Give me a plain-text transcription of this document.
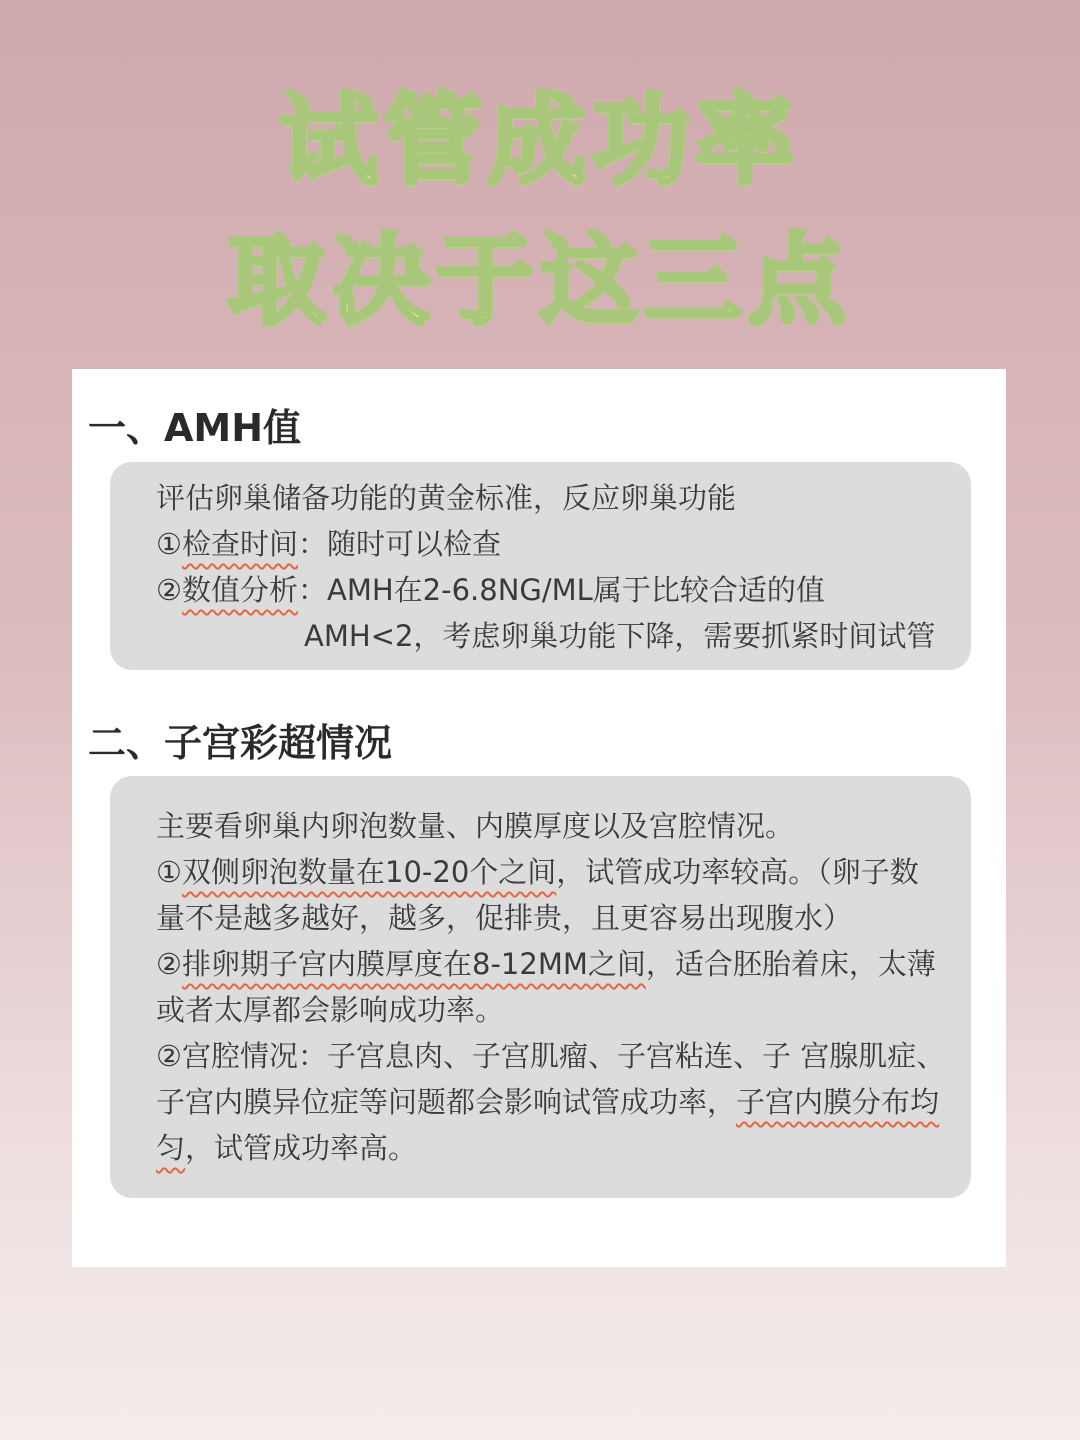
试管成功率
取决于这三点
一、AMH值
评估卵巢储备功能的黄金标准，反应卵巢功能
①检查时间：随时可以检查
②数值分析：AMH在2-6.8NG/ML属于比较合适的值
AMH<2，考虑卵巢功能下降，需要抓紧时间试管
二、子宫彩超情况
主要看卵巢内卵泡数量、内膜厚度以及宫腔情况。
①双侧卵泡数量在10-20个之间，试管成功率较高。（卵子数
量不是越多越好，越多，促排贵，且更容易出现腹水）
②排卵期子宫内膜厚度在8-12MM之间，适合胚胎着床，太薄
或者太厚都会影响成功率。
②宫腔情况：子宫息肉、子宫肌瘤、子宫粘连、子 宫腺肌症、
子宫内膜异位症等问题都会影响试管成功率，子宫内膜分布均
匀，试管成功率高。
